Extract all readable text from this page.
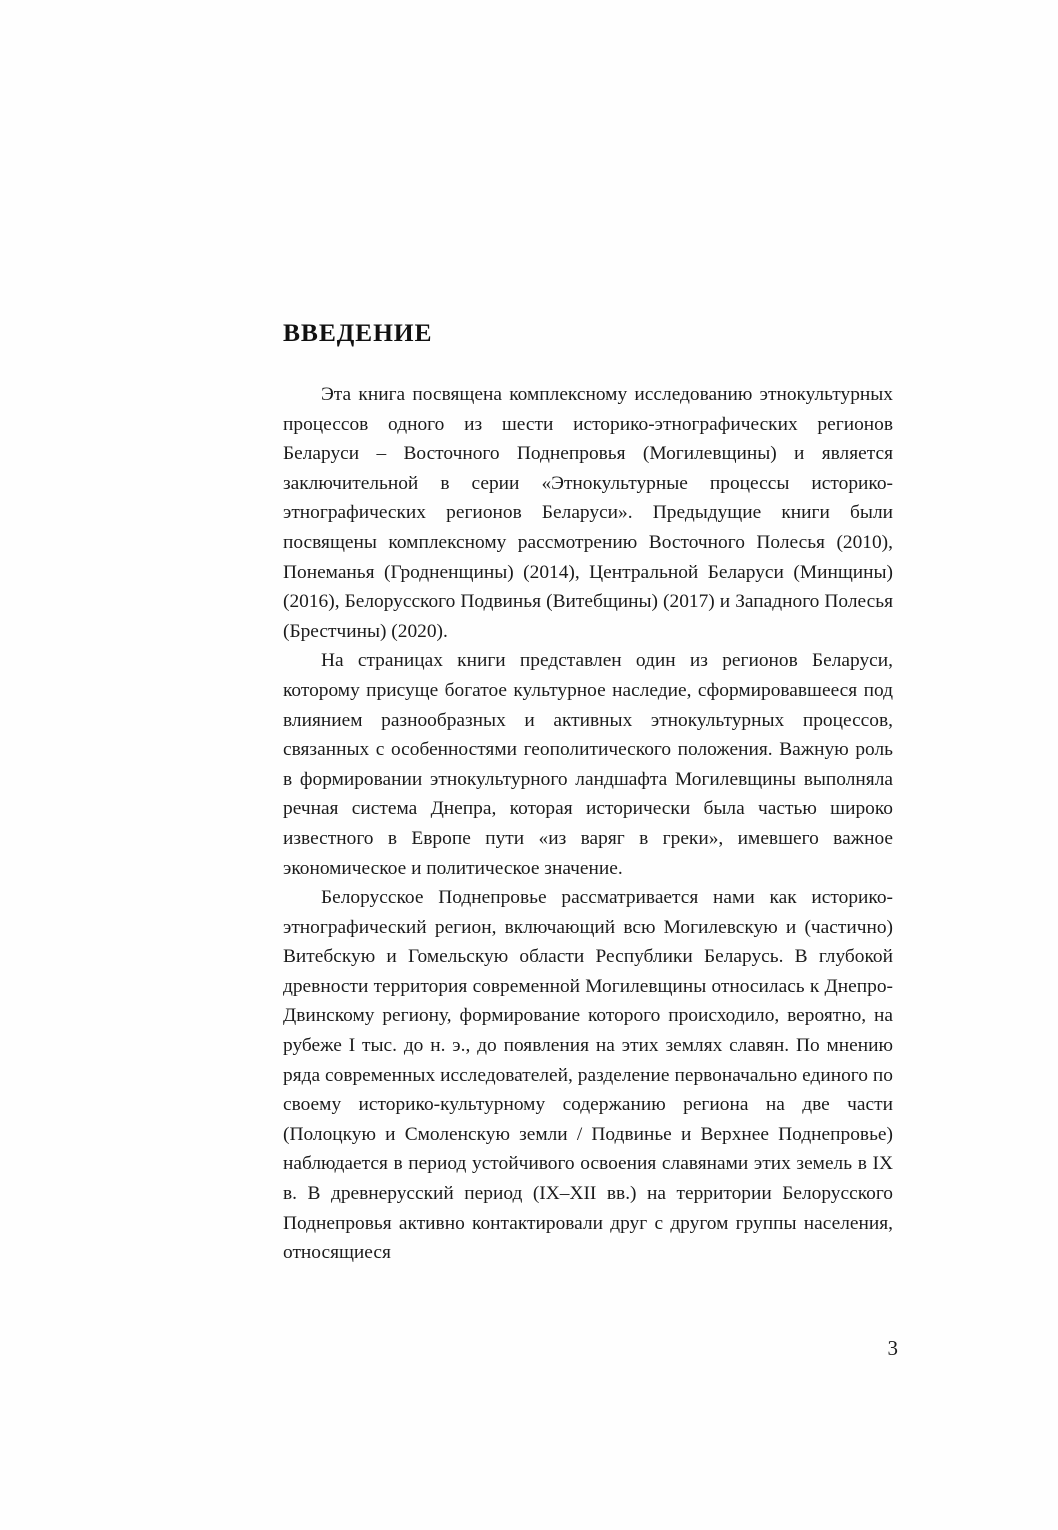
ВВЕДЕНИЕ

Эта книга посвящена комплексному исследованию этнокультурных процессов одного из шести историко-этнографических регионов Беларуси – Восточного Поднепровья (Могилевщины) и является заключительной в серии «Этнокультурные процессы историко-этнографических регионов Беларуси». Предыдущие книги были посвящены комплексному рассмотрению Восточного Полесья (2010), Понеманья (Гродненщины) (2014), Центральной Беларуси (Минщины) (2016), Белорусского Подвинья (Витебщины) (2017) и Западного Полесья (Брестчины) (2020).

На страницах книги представлен один из регионов Беларуси, которому присуще богатое культурное наследие, сформировавшееся под влиянием разнообразных и активных этнокультурных процессов, связанных с особенностями геополитического положения. Важную роль в формировании этнокультурного ландшафта Могилевщины выполняла речная система Днепра, которая исторически была частью широко известного в Европе пути «из варяг в греки», имевшего важное экономическое и политическое значение.

Белорусское Поднепровье рассматривается нами как историко-этнографический регион, включающий всю Могилевскую и (частично) Витебскую и Гомельскую области Республики Беларусь. В глубокой древности территория современной Могилевщины относилась к Днепро-Двинскому региону, формирование которого происходило, вероятно, на рубеже I тыс. до н. э., до появления на этих землях славян. По мнению ряда современных исследователей, разделение первоначально единого по своему историко-культурному содержанию региона на две части (Полоцкую и Смоленскую земли / Подвинье и Верхнее Поднепровье) наблюдается в период устойчивого освоения славянами этих земель в IX в. В древнерусский период (IX–XII вв.) на территории Белорусского Поднепровья активно контактировали друг с другом группы населения, относящиеся

3
